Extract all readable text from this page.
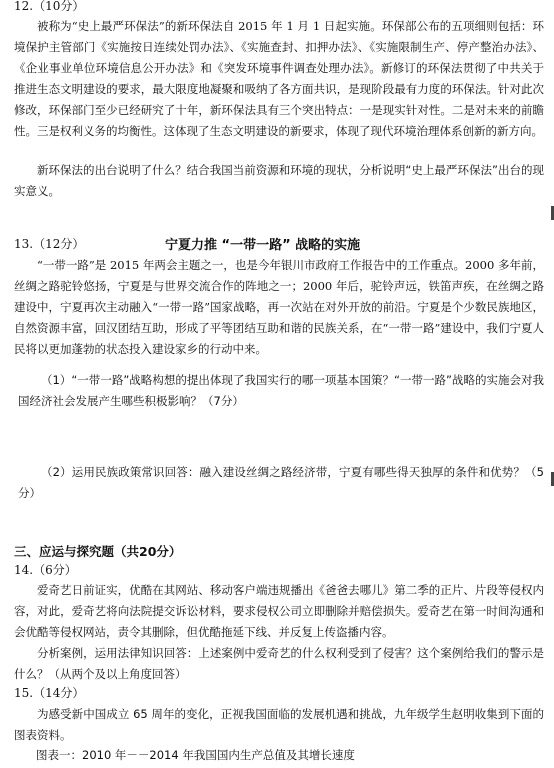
12.（10分）

被称为“史上最严环保法”的新环保法自 2015 年 1 月 1 日起实施。环保部公布的五项细则包括：环境保护主管部门《实施按日连续处罚办法》、《实施查封、扣押办法》、《实施限制生产、停产整治办法》、《企业事业单位环境信息公开办法》和《突发环境事件调查处理办法》。新修订的环保法贯彻了中共关于推进生态文明建设的要求，最大限度地凝聚和吸纳了各方面共识，是现阶段最有力度的环保法。针对此次修改，环保部门至少已经研究了十年，新环保法具有三个突出特点：一是现实针对性。二是对未来的前瞻性。三是权利义务的均衡性。这体现了生态文明建设的新要求，体现了现代环境治理体系创新的新方向。

新环保法的出台说明了什么？结合我国当前资源和环境的现状，分析说明“史上最严环保法”出台的现实意义。

13.（12分）	宁夏力推 “一带一路” 战略的实施

“一带一路”是 2015 年两会主题之一，也是今年银川市政府工作报告中的工作重点。2000 多年前，丝绸之路驼铃悠扬，宁夏是与世界交流合作的阵地之一；2000 年后，驼铃声远，铁笛声疾，在丝绸之路建设中，宁夏再次主动融入“一带一路”国家战略，再一次站在对外开放的前沿。宁夏是个少数民族地区，自然资源丰富，回汉团结互助，形成了平等团结互助和谐的民族关系，在“一带一路”建设中，我们宁夏人民将以更加蓬勃的状态投入建设家乡的行动中来。

（1）“一带一路”战略构想的提出体现了我国实行的哪一项基本国策？“一带一路”战略的实施会对我国经济社会发展产生哪些积极影响？（7分）

（2）运用民族政策常识回答：融入建设丝绸之路经济带，宁夏有哪些得天独厚的条件和优势？（5分）

三、应运与探究题（共20分）
14.（6分）

爱奇艺日前证实，优酷在其网站、移动客户端违规播出《爸爸去哪儿》第二季的正片、片段等侵权内容，对此，爱奇艺将向法院提交诉讼材料，要求侵权公司立即删除并赔偿损失。爱奇艺在第一时间沟通和会优酷等侵权网站，责令其删除，但优酷拖延下线、并反复上传盗播内容。

分析案例，运用法律知识回答：上述案例中爱奇艺的什么权利受到了侵害？这个案例给我们的警示是什么？（从两个及以上角度回答）

15.（14分）

为感受新中国成立 65 周年的变化，正视我国面临的发展机遇和挑战，九年级学生赵明收集到下面的图表资料。

图表一：2010 年－－2014 年我国国内生产总值及其增长速度
